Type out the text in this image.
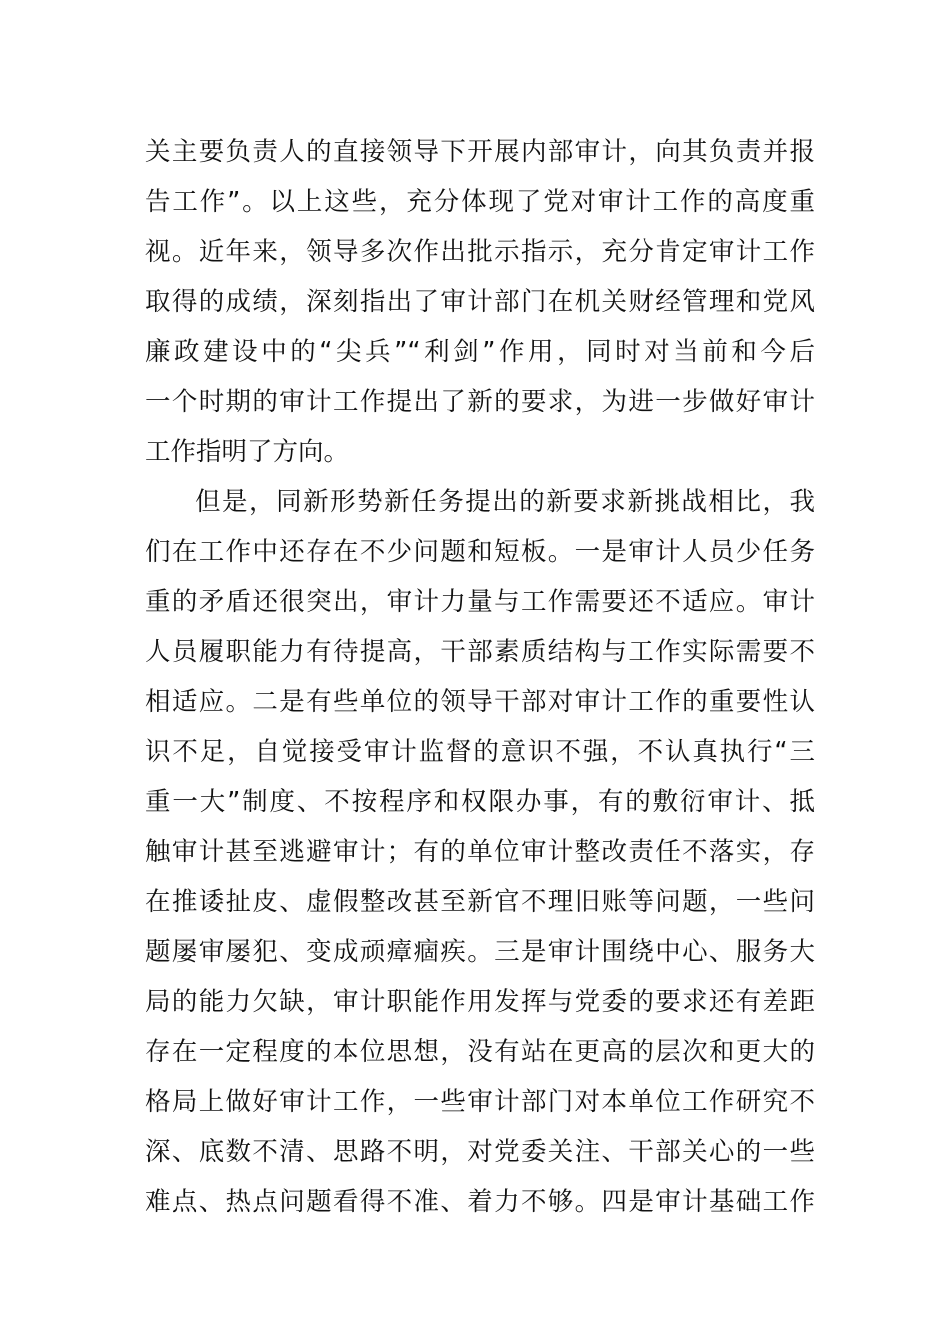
关主要负责人的直接领导下开展内部审计，向其负责并报
告工作”。以上这些，充分体现了党对审计工作的高度重
视。近年来，领导多次作出批示指示，充分肯定审计工作
取得的成绩，深刻指出了审计部门在机关财经管理和党风
廉政建设中的“尖兵”“利剑”作用，同时对当前和今后
一个时期的审计工作提出了新的要求，为进一步做好审计
工作指明了方向。
但是，同新形势新任务提出的新要求新挑战相比，我
们在工作中还存在不少问题和短板。一是审计人员少任务
重的矛盾还很突出，审计力量与工作需要还不适应。审计
人员履职能力有待提高，干部素质结构与工作实际需要不
相适应。二是有些单位的领导干部对审计工作的重要性认
识不足，自觉接受审计监督的意识不强，不认真执行“三
重一大”制度、不按程序和权限办事，有的敷衍审计、抵
触审计甚至逃避审计；有的单位审计整改责任不落实，存
在推诿扯皮、虚假整改甚至新官不理旧账等问题，一些问
题屡审屡犯、变成顽瘴痼疾。三是审计围绕中心、服务大
局的能力欠缺，审计职能作用发挥与党委的要求还有差距
存在一定程度的本位思想，没有站在更高的层次和更大的
格局上做好审计工作，一些审计部门对本单位工作研究不
深、底数不清、思路不明，对党委关注、干部关心的一些
难点、热点问题看得不准、着力不够。四是审计基础工作
